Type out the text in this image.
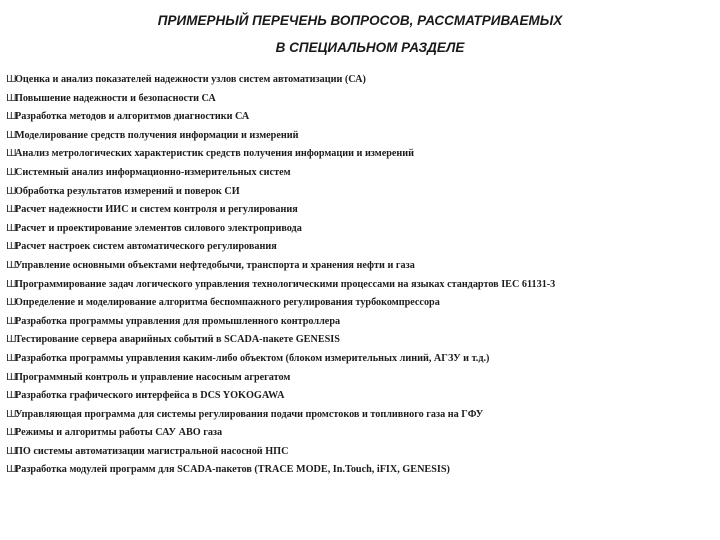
ПРИМЕРНЫЙ ПЕРЕЧЕНЬ ВОПРОСОВ, РАССМАТРИВАЕМЫХ
В СПЕЦИАЛЬНОМ РАЗДЕЛЕ
ШОценка и анализ показателей надежности узлов систем автоматизации (СА)
ШПовышение надежности и безопасности СА
ШРазработка методов и алгоритмов диагностики СА
ШМоделирование средств получения информации и измерений
ШАнализ метрологических характеристик средств получения информации и измерений
ШСистемный анализ информационно-измерительных систем
ШОбработка результатов измерений и поверок СИ
ШРасчет надежности ИИС и систем контроля и регулирования
ШРасчет и проектирование элементов силового электропривода
ШРасчет настроек систем автоматического регулирования
ШУправление основными объектами нефтедобычи, транспорта и хранения нефти и газа
ШПрограммирование задач логического управления технологическими процессами на языках стандартов IEC 61131-3
ШОпределение и моделирование алгоритма беспомпажного регулирования турбокомпрессора
ШРазработка программы управления для промышленного контроллера
ШТестирование сервера аварийных событий в SCADA-пакете GENESIS
ШРазработка программы управления каким-либо объектом (блоком измерительных линий, АГЗУ и т.д.)
ШПрограммный контроль и управление насосным агрегатом
ШРазработка графического интерфейса в DCS YOKOGAWA
ШУправляющая программа для системы регулирования подачи промстоков и топливного газа на ГФУ
ШРежимы и алгоритмы работы САУ АВО газа
ШПО системы автоматизации магистральной насосной НПС
ШРазработка модулей программ для SCADA-пакетов (TRACE MODE, In.Touch, iFIX, GENESIS)
